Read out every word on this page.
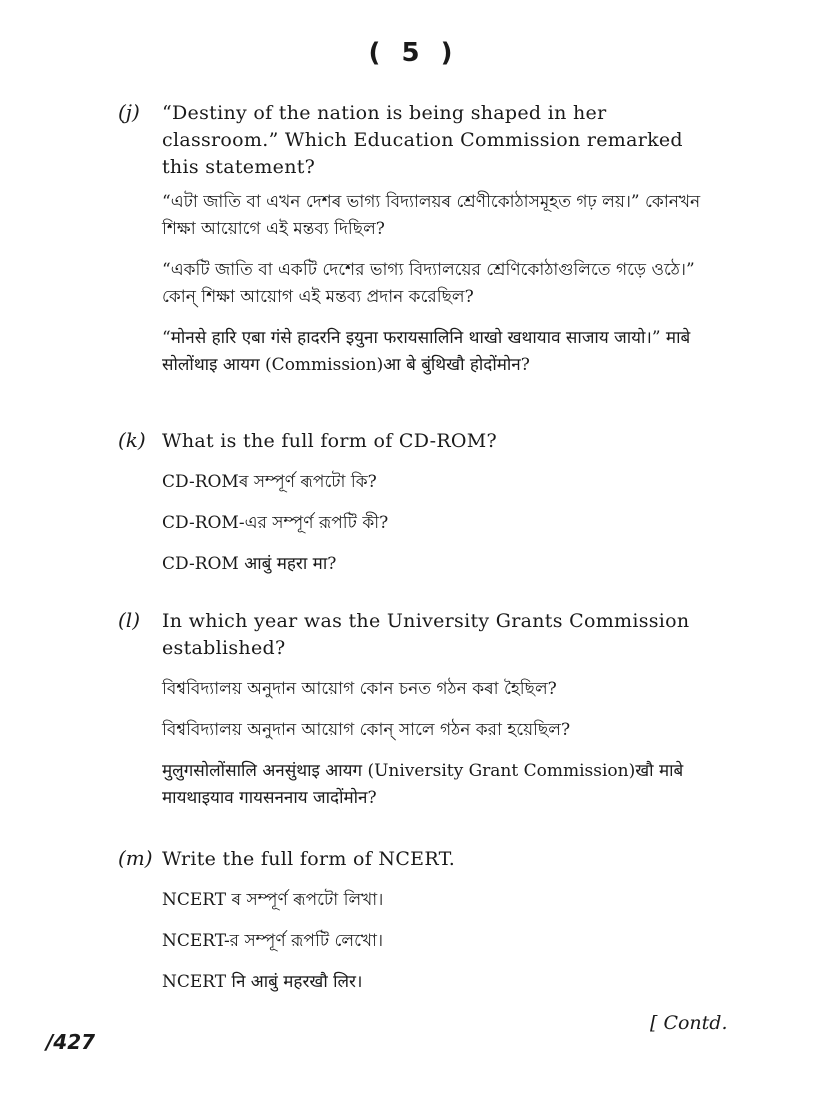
( 5 )
(j)	“Destiny of the nation is being shaped in her classroom.” Which Education Commission remarked this statement?

“এটা জাতি বা এখন দেশৰ ভাগ্য বিদ্যালয়ৰ শ্ৰেণীকোঠাসমূহত গঢ় লয়।” কোনখন শিক্ষা আয়োগে এই মন্তব্য দিছিল?

“একটি জাতি বা একটি দেশের ভাগ্য বিদ্যালয়ের শ্রেণিকোঠাগুলিতে গড়ে ওঠে।” কোন্ শিক্ষা আয়োগ এই মন্তব্য প্রদান করেছিল?

“मोनसे हारि एबा गंसे हादरनि इयुना फरायसालिनि थाखो खथायाव साजाय जायो।” माबे सोलोंथाइ आयग (Commission)आ बे बुंथिखौ होदोंमोन?

(k) What is the full form of CD-ROM?

CD-ROMৰ সম্পূৰ্ণ ৰূপটো কি?

CD-ROM-এর সম্পূর্ণ রূপটি কী?

CD-ROM आबुं महरा मा?

(l)	In which year was the University Grants Commission established?

বিশ্ববিদ্যালয় অনুদান আয়োগ কোন চনত গঠন কৰা হৈছিল?

বিশ্ববিদ্যালয় অনুদান আয়োগ কোন্ সালে গঠন করা হয়েছিল?

मुलुगसोलोंसालि अनसुंथाइ आयग (University Grant Commission)खौ माबे मायथाइयाव गायसननाय जादोंमोन?

(m) Write the full form of NCERT.

NCERT ৰ সম্পূৰ্ণ ৰূপটো লিখা।

NCERT-র সম্পূর্ণ রূপটি লেখো।

NCERT नि आबुं महरखौ लिर।

[ Contd.
/427
